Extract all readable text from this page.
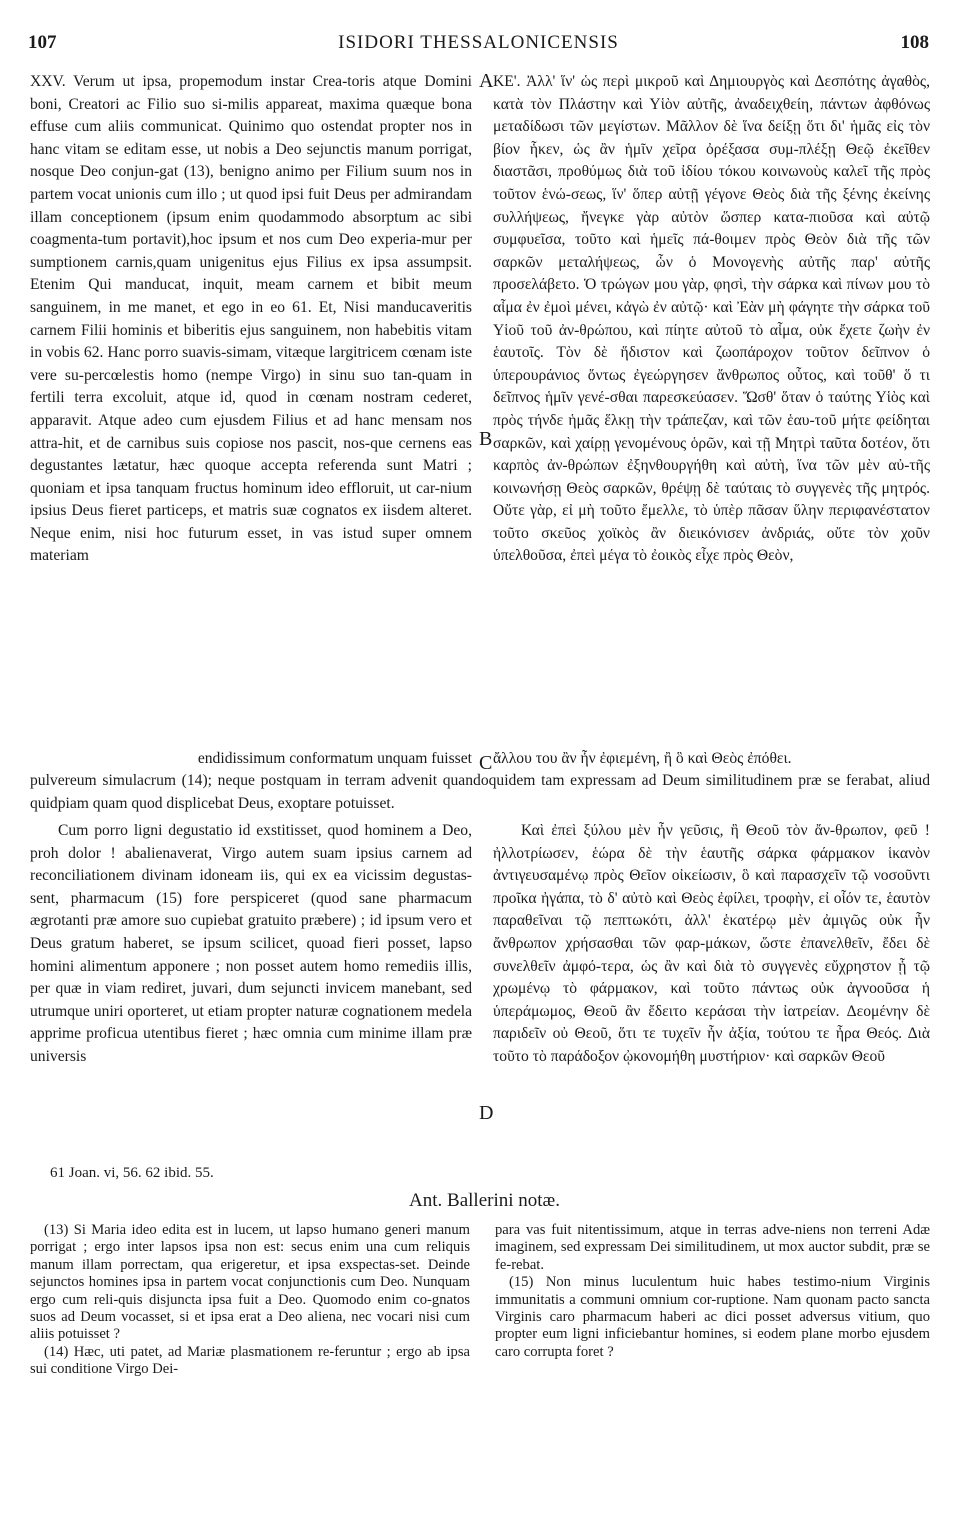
107	ISIDORI THESSALONICENSIS	108
A
B
C
D

XXV. Verum ut ipsa, propemodum instar Crea-toris atque Domini boni, Creatori ac Filio suo si-milis appareat, maxima quæque bona effuse cum aliis communicat. Quinimo quo ostendat propter nos in hanc vitam se editam esse, ut nobis a Deo sejunctis manum porrigat, nosque Deo conjun-gat (13), benigno animo per Filium suum nos in partem vocat unionis cum illo ; ut quod ipsi fuit Deus per admirandam illam conceptionem (ipsum enim quodammodo absorptum ac sibi coagmenta-tum portavit),hoc ipsum et nos cum Deo experia-mur per sumptionem carnis,quam unigenitus ejus Filius ex ipsa assumpsit. Etenim Qui manducat, inquit, meam carnem et bibit meum sanguinem, in me manet, et ego in eo 61. Et, Nisi manducaveritis carnem Filii hominis et biberitis ejus sanguinem, non habebitis vitam in vobis 62. Hanc porro suavis-simam, vitæque largitricem cœnam iste vere su-percœlestis homo (nempe Virgo) in sinu suo tan-quam in fertili terra excoluit, atque id, quod in cœnam nostram cederet, apparavit. Atque adeo cum ejusdem Filius et ad hanc mensam nos attra-hit, et de carnibus suis copiose nos pascit, nos-que cernens eas degustantes lætatur, hæc quoque accepta referenda sunt Matri ; quoniam et ipsa tanquam fructus hominum ideo effloruit, ut car-nium ipsius Deus fieret particeps, et matris suæ cognatos ex iisdem alteret. Neque enim, nisi hoc futurum esset, in vas istud super omnem materiam

ΚΕ'. Ἀλλ' ἵν' ὡς περὶ μικροῦ καὶ Δημιουργὸς καὶ Δεσπότης ἀγαθὸς, κατὰ τὸν Πλάστην καὶ Υἱὸν αὐτῆς, ἀναδειχθείη, πάντων ἀφθόνως μεταδίδωσι τῶν μεγίστων. Μᾶλλον δὲ ἵνα δείξῃ ὅτι δι' ἡμᾶς εἰς τὸν βίον ἧκεν, ὡς ἂν ἡμῖν χεῖρα ὀρέξασα συμ-πλέξῃ Θεῷ ἐκεῖθεν διαστᾶσι, προθύμως διὰ τοῦ ἰδίου τόκου κοινωνοὺς καλεῖ τῆς πρὸς τοῦτον ἑνώ-σεως, ἵν' ὅπερ αὐτῇ γέγονε Θεὸς διὰ τῆς ξένης ἐκείνης συλλήψεως, ἤνεγκε γὰρ αὐτὸν ὥσπερ κατα-πιοῦσα καὶ αὐτῷ συμφυεῖσα, τοῦτο καὶ ἡμεῖς πά-θοιμεν πρὸς Θεὸν διὰ τῆς τῶν σαρκῶν μεταλήψεως, ὧν ὁ Μονογενὴς αὐτῆς παρ' αὐτῆς προσελάβετο. Ὁ τρώγων μου γὰρ, φησὶ, τὴν σάρκα καὶ πίνων μου τὸ αἷμα ἐν ἐμοὶ μένει, κἀγὼ ἐν αὐτῷ· καὶ Ἐὰν μὴ φάγητε τὴν σάρκα τοῦ Υἱοῦ τοῦ ἀν-θρώπου, καὶ πίητε αὐτοῦ τὸ αἷμα, οὐκ ἔχετε ζωὴν ἐν ἑαυτοῖς. Τὸν δὲ ἥδιστον καὶ ζωοπάροχον τοῦτον δεῖπνον ὁ ὑπερουράνιος ὄντως ἐγεώργησεν ἄνθρωπος οὗτος, καὶ τοῦθ' ὅ τι δεῖπνος ἡμῖν γενέ-σθαι παρεσκεύασεν. Ὥσθ' ὅταν ὁ ταύτης Υἱὸς καὶ πρὸς τήνδε ἡμᾶς ἕλκῃ τὴν τράπεζαν, καὶ τῶν ἑαυ-τοῦ μήτε φείδηται σαρκῶν, καὶ χαίρῃ γενομένους ὁρῶν, καὶ τῇ Μητρὶ ταῦτα δοτέον, ὅτι καρπὸς ἀν-θρώπων ἐξηνθουργήθη καὶ αὐτὴ, ἵνα τῶν μὲν αὐ-τῆς κοινωνήσῃ Θεὸς σαρκῶν, θρέψῃ δὲ ταύταις τὸ συγγενὲς τῆς μητρός. Οὔτε γὰρ, εἰ μὴ τοῦτο ἔμελλε, τὸ ὑπὲρ πᾶσαν ὕλην περιφανέστατον τοῦτο σκεῦος χοϊκὸς ἂν διεικόνισεν ἀνδριάς, οὔτε τὸν χοῦν ὑπελθοῦσα, ἐπεὶ μέγα τὸ ἐοικὸς εἶχε πρὸς Θεὸν,

endidissimum conformatum unquam fuisset ἄλλου του ἂν ἦν ἐφιεμένη, ἢ ὃ καὶ Θεὸς ἐπόθει.

pulvereum simulacrum (14); neque postquam in terram advenit quandoquidem tam expressam ad Deum similitudinem præ se ferabat, aliud quidpiam quam quod displicebat Deus, exoptare potuisset.

Cum porro ligni degustatio id exstitisset, quod hominem a Deo, proh dolor ! abalienaverat, Virgo autem suam ipsius carnem ad reconciliationem divinam idoneam iis, qui ex ea vicissim degustas-sent, pharmacum (15) fore perspiceret (quod sane pharmacum ægrotanti præ amore suo cupiebat gratuito præbere) ; id ipsum vero et Deus gratum haberet, se ipsum scilicet, quoad fieri posset, lapso homini alimentum apponere ; non posset autem homo remediis illis, per quæ in viam rediret, juvari, dum sejuncti invicem manebant, sed utrumque uniri oporteret, ut etiam propter naturæ cognationem medela apprime proficua utentibus fieret ; hæc omnia cum minime illam præ universis

Καὶ ἐπεὶ ξύλου μὲν ἦν γεῦσις, ἣ Θεοῦ τὸν ἄν-θρωπον, φεῦ ! ἠλλοτρίωσεν, ἑώρα δὲ τὴν ἑαυτῆς σάρκα φάρμακον ἱκανὸν ἀντιγευσαμένῳ πρὸς Θεῖον οἰκείωσιν, ὃ καὶ παρασχεῖν τῷ νοσοῦντι προῖκα ἠγάπα, τὸ δ' αὐτὸ καὶ Θεὸς ἐφίλει, τροφὴν, εἰ οἷόν τε, ἑαυτὸν παραθεῖναι τῷ πεπτωκότι, ἀλλ' ἑκατέρῳ μὲν ἀμιγῶς οὐκ ἦν ἄνθρωπον χρήσασθαι τῶν φαρ-μάκων, ὥστε ἐπανελθεῖν, ἔδει δὲ συνελθεῖν ἀμφό-τερα, ὡς ἂν καὶ διὰ τὸ συγγενὲς εὔχρηστον ᾖ τῷ χρωμένῳ τὸ φάρμακον, καὶ τοῦτο πάντως οὐκ ἀγνοοῦσα ἡ ὑπεράμωμος, Θεοῦ ἂν ἔδειτο κεράσαι τὴν ἰατρείαν. Δεομένην δὲ παριδεῖν οὐ Θεοῦ, ὅτι τε τυχεῖν ἦν ἀξία, τούτου τε ἦρα Θεός. Διὰ τοῦτο τὸ παράδοξον ᾠκονομήθη μυστήριον· καὶ σαρκῶν Θεοῦ

61 Joan. vi, 56. 62 ibid. 55.
Ant. Ballerini notæ.

(13) Si Maria ideo edita est in lucem, ut lapso humano generi manum porrigat ; ergo inter lapsos ipsa non est: secus enim una cum reliquis manum illam porrectam, qua erigeretur, et ipsa exspectas-set. Deinde sejunctos homines ipsa in partem vocat conjunctionis cum Deo. Nunquam ergo cum reli-quis disjuncta ipsa fuit a Deo. Quomodo enim co-gnatos suos ad Deum vocasset, si et ipsa erat a Deo aliena, nec vocari nisi cum aliis potuisset ?

(14) Hæc, uti patet, ad Mariæ plasmationem re-feruntur ; ergo ab ipsa sui conditione Virgo Dei-

para vas fuit nitentissimum, atque in terras adve-niens non terreni Adæ imaginem, sed expressam Dei similitudinem, ut mox auctor subdit, præ se fe-rebat.

(15) Non minus luculentum huic habes testimo-nium Virginis immunitatis a communi omnium cor-ruptione. Nam quonam pacto sancta Virginis caro pharmacum haberi ac dici posset adversus vitium, quo propter eum ligni inficiebantur homines, si eodem plane morbo ejusdem caro corrupta foret ?
